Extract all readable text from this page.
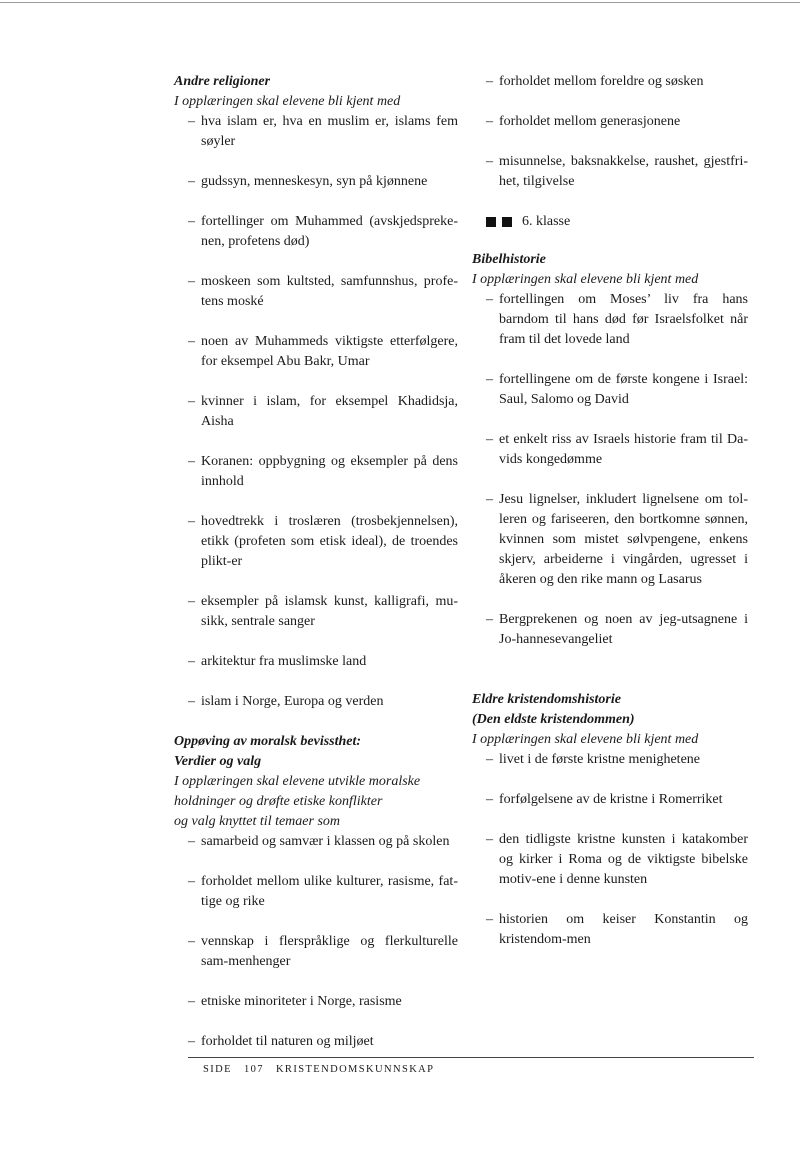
Andre religioner
I opplæringen skal elevene bli kjent med
– hva islam er, hva en muslim er, islams fem søyler
– gudssyn, menneskesyn, syn på kjønnene
– fortellinger om Muhammed (avskjedspreke-nen, profetens død)
– moskeen som kultsted, samfunnshus, profe-tens moské
– noen av Muhammeds viktigste etterfølgere, for eksempel Abu Bakr, Umar
– kvinner i islam, for eksempel Khadidsja, Aisha
– Koranen: oppbygning og eksempler på dens innhold
– hovedtrekk i troslæren (trosbekjennelsen), etikk (profeten som etisk ideal), de troendes plikt-er
– eksempler på islamsk kunst, kalligrafi, mu-sikk, sentrale sanger
– arkitektur fra muslimske land
– islam i Norge, Europa og verden
Oppøving av moralsk bevissthet:
Verdier og valg
I opplæringen skal elevene utvikle moralske
holdninger og drøfte etiske konflikter
og valg knyttet til temaer som
– samarbeid og samvær i klassen og på skolen
– forholdet mellom ulike kulturer, rasisme, fat-tige og rike
– vennskap i flerspråklige og flerkulturelle sam-menhenger
– etniske minoriteter i Norge, rasisme
– forholdet til naturen og miljøet
– forholdet mellom foreldre og søsken
– forholdet mellom generasjonene
– misunnelse, baksnakkelse, raushet, gjestfri-het, tilgivelse
6. klasse
Bibelhistorie
I opplæringen skal elevene bli kjent med
– fortellingen om Moses’ liv fra hans barndom til hans død før Israelsfolket når fram til det lovede land
– fortellingene om de første kongene i Israel: Saul, Salomo og David
– et enkelt riss av Israels historie fram til Da-vids kongedømme
– Jesu lignelser, inkludert lignelsene om tol-leren og fariseeren, den bortkomne sønnen, kvinnen som mistet sølvpengene, enkens skjerv, arbeiderne i vingården, ugresset i åkeren og den rike mann og Lasarus
– Bergprekenen og noen av jeg-utsagnene i Jo-hannesevangeliet
Eldre kristendomshistorie
(Den eldste kristendommen)
I opplæringen skal elevene bli kjent med
– livet i de første kristne menighetene
– forfølgelsene av de kristne i Romerriket
– den tidligste kristne kunsten i katakomber og kirker i Roma og de viktigste bibelske motiv-ene i denne kunsten
– historien om keiser Konstantin og kristendom-men
SIDE 107 KRISTENDOMSKUNNSKAP
